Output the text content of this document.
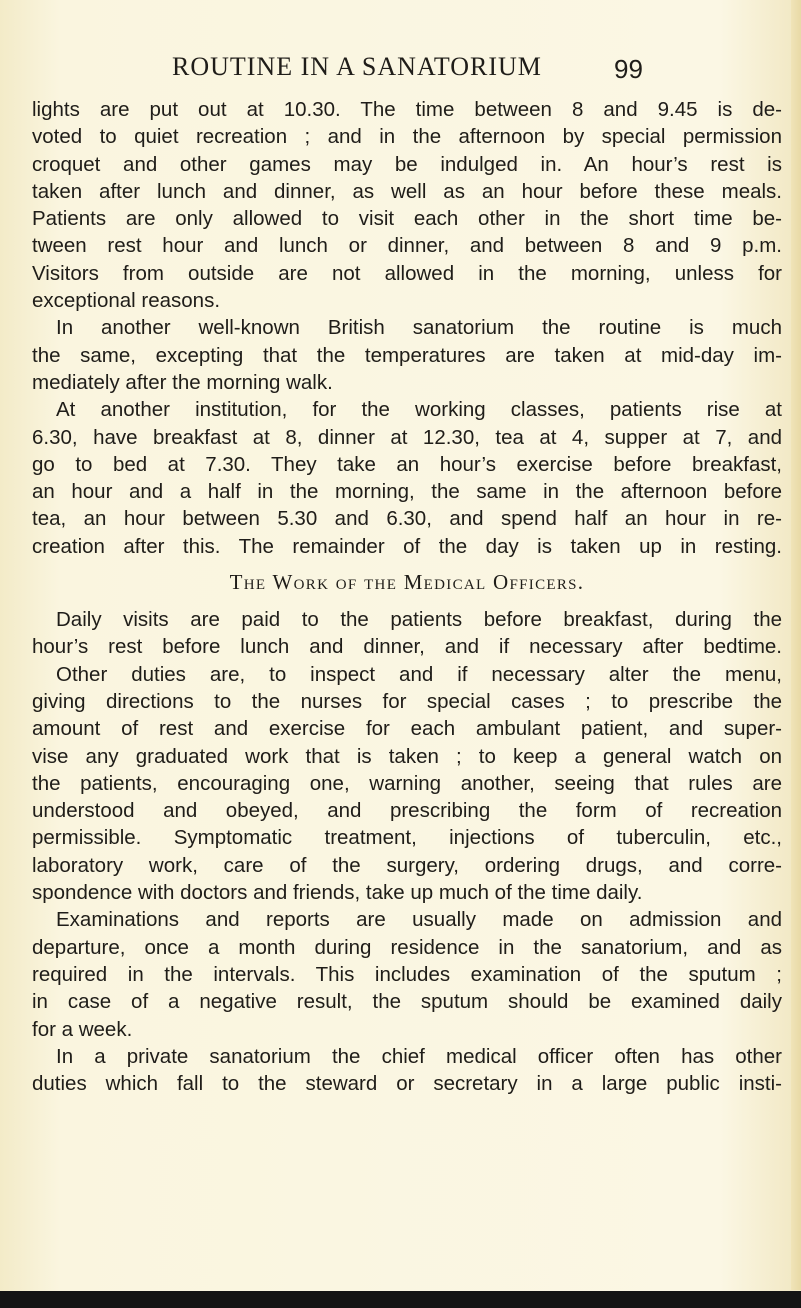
ROUTINE IN A SANATORIUM	99
lights are put out at 10.30. The time between 8 and 9.45 is de-
voted to quiet recreation ; and in the afternoon by special permission
croquet and other games may be indulged in. An hour’s rest is
taken after lunch and dinner, as well as an hour before these meals.
Patients are only allowed to visit each other in the short time be-
tween rest hour and lunch or dinner, and between 8 and 9 p.m.
Visitors from outside are not allowed in the morning, unless for
exceptional reasons.
In another well-known British sanatorium the routine is much
the same, excepting that the temperatures are taken at mid-day im-
mediately after the morning walk.
At another institution, for the working classes, patients rise at
6.30, have breakfast at 8, dinner at 12.30, tea at 4, supper at 7, and
go to bed at 7.30. They take an hour’s exercise before breakfast,
an hour and a half in the morning, the same in the afternoon before
tea, an hour between 5.30 and 6.30, and spend half an hour in re-
creation after this. The remainder of the day is taken up in resting.
The Work of the Medical Officers.
Daily visits are paid to the patients before breakfast, during the
hour’s rest before lunch and dinner, and if necessary after bedtime.
Other duties are, to inspect and if necessary alter the menu,
giving directions to the nurses for special cases ; to prescribe the
amount of rest and exercise for each ambulant patient, and super-
vise any graduated work that is taken ; to keep a general watch on
the patients, encouraging one, warning another, seeing that rules are
understood and obeyed, and prescribing the form of recreation
permissible. Symptomatic treatment, injections of tuberculin, etc.,
laboratory work, care of the surgery, ordering drugs, and corre-
spondence with doctors and friends, take up much of the time daily.
Examinations and reports are usually made on admission and
departure, once a month during residence in the sanatorium, and as
required in the intervals. This includes examination of the sputum ;
in case of a negative result, the sputum should be examined daily
for a week.
In a private sanatorium the chief medical officer often has other
duties which fall to the steward or secretary in a large public insti-
